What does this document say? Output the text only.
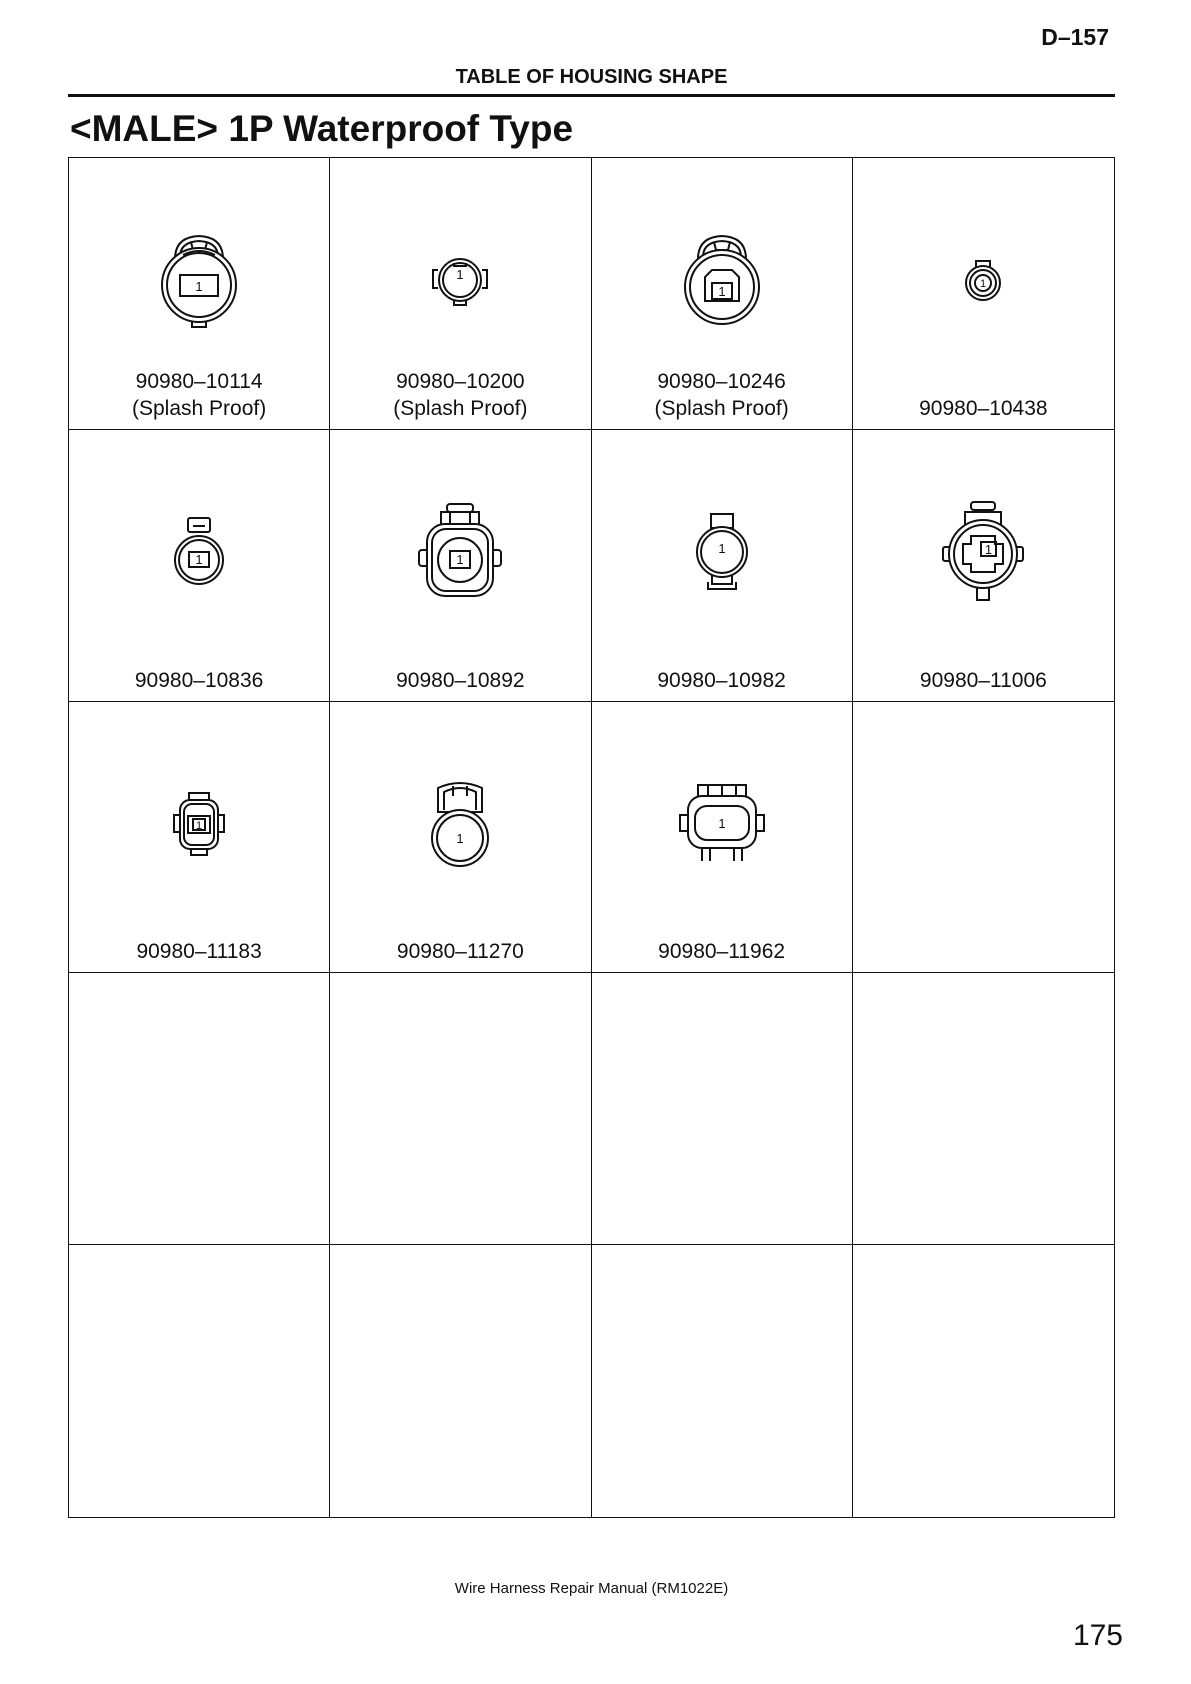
D–157
TABLE OF HOUSING SHAPE
<MALE> 1P Waterproof Type
1
90980–10114
(Splash Proof)
1
90980–10200
(Splash Proof)
1
90980–10246
(Splash Proof)
1
90980–10438
1
90980–10836
1
90980–10892
1
90980–10982
1
90980–11006
1
90980–11183
1
90980–11270
1
90980–11962
Wire Harness Repair Manual (RM1022E)
175
